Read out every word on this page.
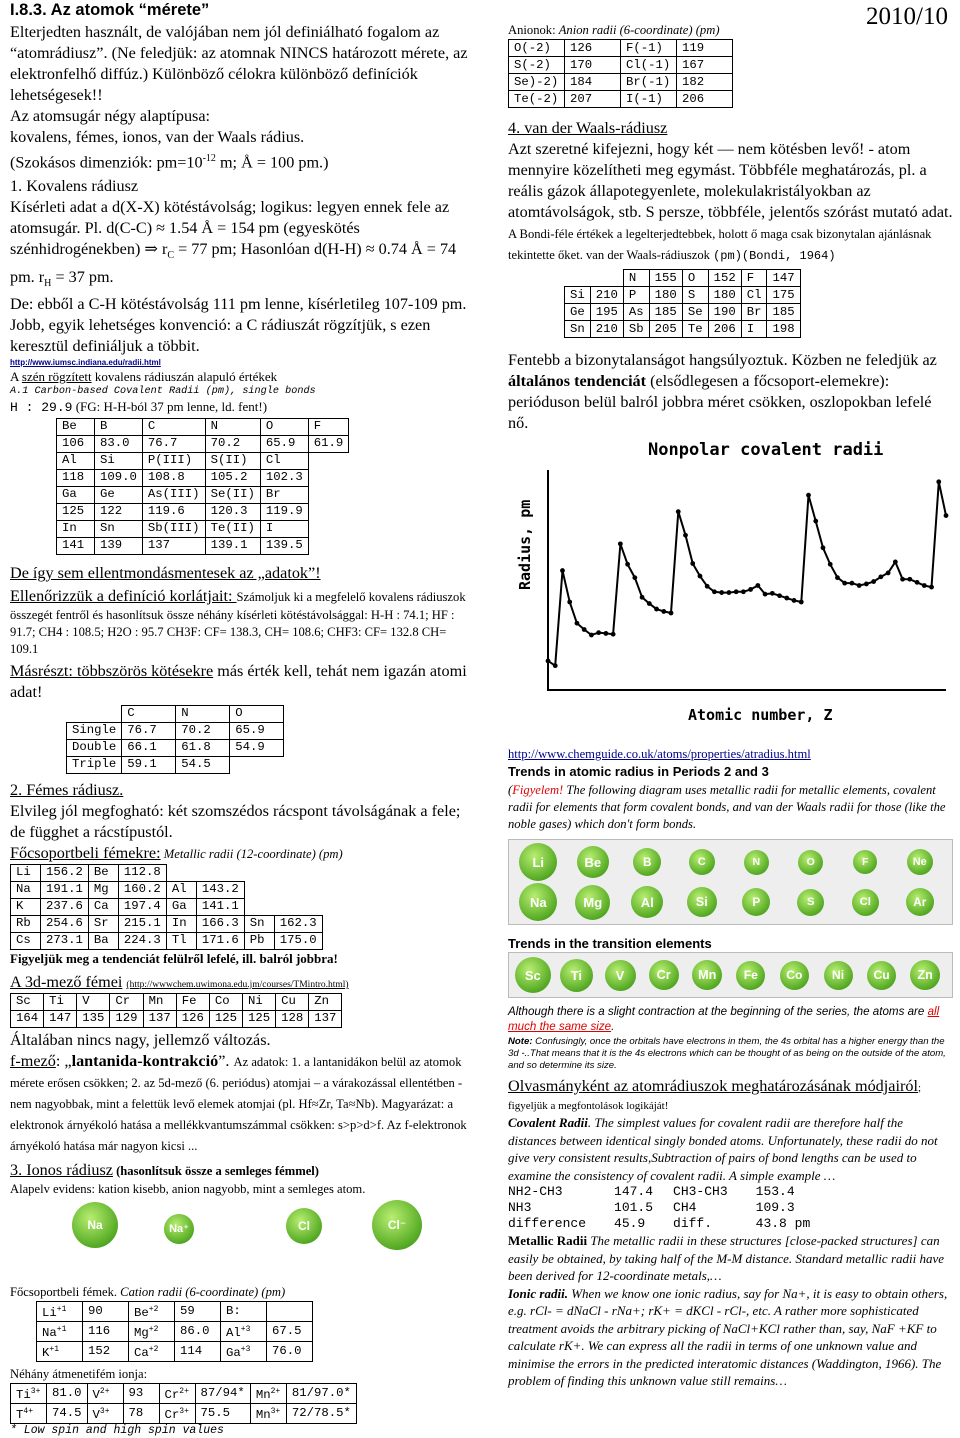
2010/10
I.8.3. Az atomok “mérete”
Elterjedten használt, de valójában nem jól definiálható fogalom az “atomrádiusz”. (Ne feledjük: az atomnak NINCS határozott mérete, az elektronfelhő diffúz.) Különböző célokra különböző definíciók lehetségesek!!
Az atomsugár négy alaptípusa:
kovalens, fémes, ionos, van der Waals rádius.
(Szokásos dimenziók: $pm=10^{-12}$ m; Å = 100 pm.)
1. Kovalens rádiusz
Kísérleti adat a d(X-X) kötéstávolság; logikus: legyen ennek fele az atomsugár. Pl. d(C-C) ≈ 1.54 Å = 154 pm (egyeskötés szénhidrogénekben) ⇒ $r_C = 77$ pm; Hasonlóan d(H-H) ≈ 0.74 Å = 74 pm. $r_H = 37$ pm.
De: ebből a C-H kötéstávolság 111 pm lenne, kísérletileg 107-109 pm. Jobb, egyik lehetséges konvenció: a C rádiuszát rögzítjük, s ezen keresztül definiáljuk a többit.
http://www.iumsc.indiana.edu/radii.html
A szén rögzített kovalens rádiuszán alapuló értékek
A.1 Carbon-based Covalent Radii (pm), single bonds
H : 29.9 (FG: H-H-ból 37 pm lenne, ld. fent!)
Be	B	C	N	O	F
106	83.0	76.7	70.2	65.9	61.9
Al	Si	P(III)	S(II)	Cl	
118	109.0	108.8	105.2	102.3	
Ga	Ge	As(III)	Se(II)	Br	
125	122	119.6	120.3	119.9	
In	Sn	Sb(III)	Te(II)	I	
141	139	137	139.1	139.5	
De így sem ellentmondásmentesek az „adatok”!
Ellenőrizzük a definíció korlátjait: Számoljuk ki a megfelelő kovalens rádiuszok összegét fentről és hasonlítsuk össze néhány kísérleti kötéstávolsággal: H-H : 74.1; HF : 91.7; CH4 : 108.5; H2O : 95.7 CH3F: CF= 138.3, CH= 108.6; CHF3: CF= 132.8 CH= 109.1
Másrészt: többszörös kötésekre más érték kell, tehát nem igazán atomi adat!
	C	N	O
Single	76.7	70.2	65.9
Double	66.1	61.8	54.9
Triple	59.1	54.5	
2. Fémes rádiusz.
Elvileg jól megfogható: két szomszédos rácspont távolságának a fele; de függhet a rácstípustól.
Főcsoportbeli fémekre: Metallic radii (12-coordinate) (pm)
Li	156.2	Be	112.8				
Na	191.1	Mg	160.2	Al	143.2		
K	237.6	Ca	197.4	Ga	141.1		
Rb	254.6	Sr	215.1	In	166.3	Sn	162.3
Cs	273.1	Ba	224.3	Tl	171.6	Pb	175.0
Figyeljük meg a tendenciát felülről lefelé, ill. balról jobbra!
A 3d-mező fémei (http://wwwchem.uwimona.edu.jm/courses/TMintro.html)
Sc	Ti	V	Cr	Mn	Fe	Co	Ni	Cu	Zn
164	147	135	129	137	126	125	125	128	137
Általában nincs nagy, jellemző változás.
f-mező: „lantanida-kontrakció”. Az adatok: 1. a lantanidákon belül az atomok mérete erősen csökken; 2. az 5d-mező (6. periódus) atomjai – a várakozással ellentétben - nem nagyobbak, mint a felettük levő elemek atomjai (pl. Hf≈Zr, Ta≈Nb). Magyarázat: a elektronok árnyékoló hatása a mellékkvantumszámmal csökken: s>p>d>f. Az f-elektronok árnyékoló hatása már nagyon kicsi ...
3. Ionos rádiusz (hasonlítsuk össze a semleges fémmel)
Alapelv evidens: kation kisebb, anion nagyobb, mint a semleges atom.
Na	Na⁺	Cl	Cl⁻
Főcsoportbeli fémek. Cation radii (6-coordinate) (pm)
$Li^{+1}$	90	$Be^{+2}$	59	B:	
$Na^{+1}$	116	$Mg^{+2}$	86.0	$Al^{+3}$	67.5
$K^{+1}$	152	$Ca^{+2}$	114	$Ga^{+3}$	76.0
Néhány átmenetifém ionja:
$Ti^{3+}$	81.0	$V^{2+}$	93	$Cr^{2+}$	87/94*	$Mn^{2+}$	81/97.0*
$T^{4+}$	74.5	$V^{3+}$	78	$Cr^{3+}$	75.5	$Mn^{3+}$	72/78.5*
* Low spin and high spin values
Anionok: Anion radii (6-coordinate) (pm)
O(-2)	126	F(-1)	119
S(-2)	170	Cl(-1)	167
Se)-2)	184	Br(-1)	182
Te(-2)	207	I(-1)	206
4. van der Waals-rádiusz
Azt szeretné kifejezni, hogy két — nem kötésben levő! - atom mennyire közelítheti meg egymást. Többféle meghatározás, pl. a reális gázok állapotegyenlete, molekulakristályokban az atomtávolságok, stb. S persze, többféle, jelentős szórást mutató adat. A Bondi-féle értékek a legelterjedtebbek, holott ő maga csak bizonytalan ajánlásnak tekintette őket. van der Waals-rádiuszok (pm)(Bondi, 1964)
		N	155	O	152	F	147
Si	210	P	180	S	180	Cl	175
Ge	195	As	185	Se	190	Br	185
Sn	210	Sb	205	Te	206	I	198
Fentebb a bizonytalanságot hangsúlyoztuk. Közben ne feledjük az általános tendenciát (elsődlegesen a főcsoport-elemekre): perióduson belül balról jobbra méret csökken, oszlopokban lefelé nő.
Nonpolar covalent radii
Radius, pm
Atomic number, Z
http://www.chemguide.co.uk/atoms/properties/atradius.html
Trends in atomic radius in Periods 2 and 3
(Figyelem! The following diagram uses metallic radii for metallic elements, covalent radii for elements that form covalent bonds, and van der Waals radii for those (like the noble gases) which don't form bonds.
Li	Be	B	C	N	O	F	Ne
Na	Mg	Al	Si	P	S	Cl	Ar
Trends in the transition elements
Sc	Ti	V	Cr	Mn	Fe	Co	Ni	Cu	Zn
Although there is a slight contraction at the beginning of the series, the atoms are all much the same size.
Note: Confusingly, once the orbitals have electrons in them, the 4s orbital has a higher energy than the 3d -..That means that it is the 4s electrons which can be thought of as being on the outside of the atom, and so determine its size.
Olvasmányként az atomrádiuszok meghatározásának módjairól; figyeljük a megfontolások logikáját!
Covalent Radii. The simplest values for covalent radii are therefore half the distances between identical singly bonded atoms. Unfortunately, these radii do not give very consistent results,Subtraction of pairs of bond lengths can be used to examine the consistency of covalent radii. A simple example …
NH2-CH3	147.4	CH3-CH3	153.4
NH3	101.5	CH4	109.3
difference	45.9	diff.	43.8 pm
Metallic Radii The metallic radii in these structures [close-packed structures] can easily be obtained, by taking half of the M-M distance. Standard metallic radii have been derived for 12-coordinate metals,…
Ionic radii. When we know one ionic radius, say for Na+, it is easy to obtain others, e.g. rCl- = dNaCl - rNa+; rK+ = dKCl - rCl-, etc. A rather more sophisticated treatment avoids the arbitrary picking of NaCl+KCl rather than, say, NaF +KF to calculate rK+. We can express all the radii in terms of one unknown value and minimise the errors in the predicted interatomic distances (Waddington, 1966). The problem of finding this unknown value still remains…
